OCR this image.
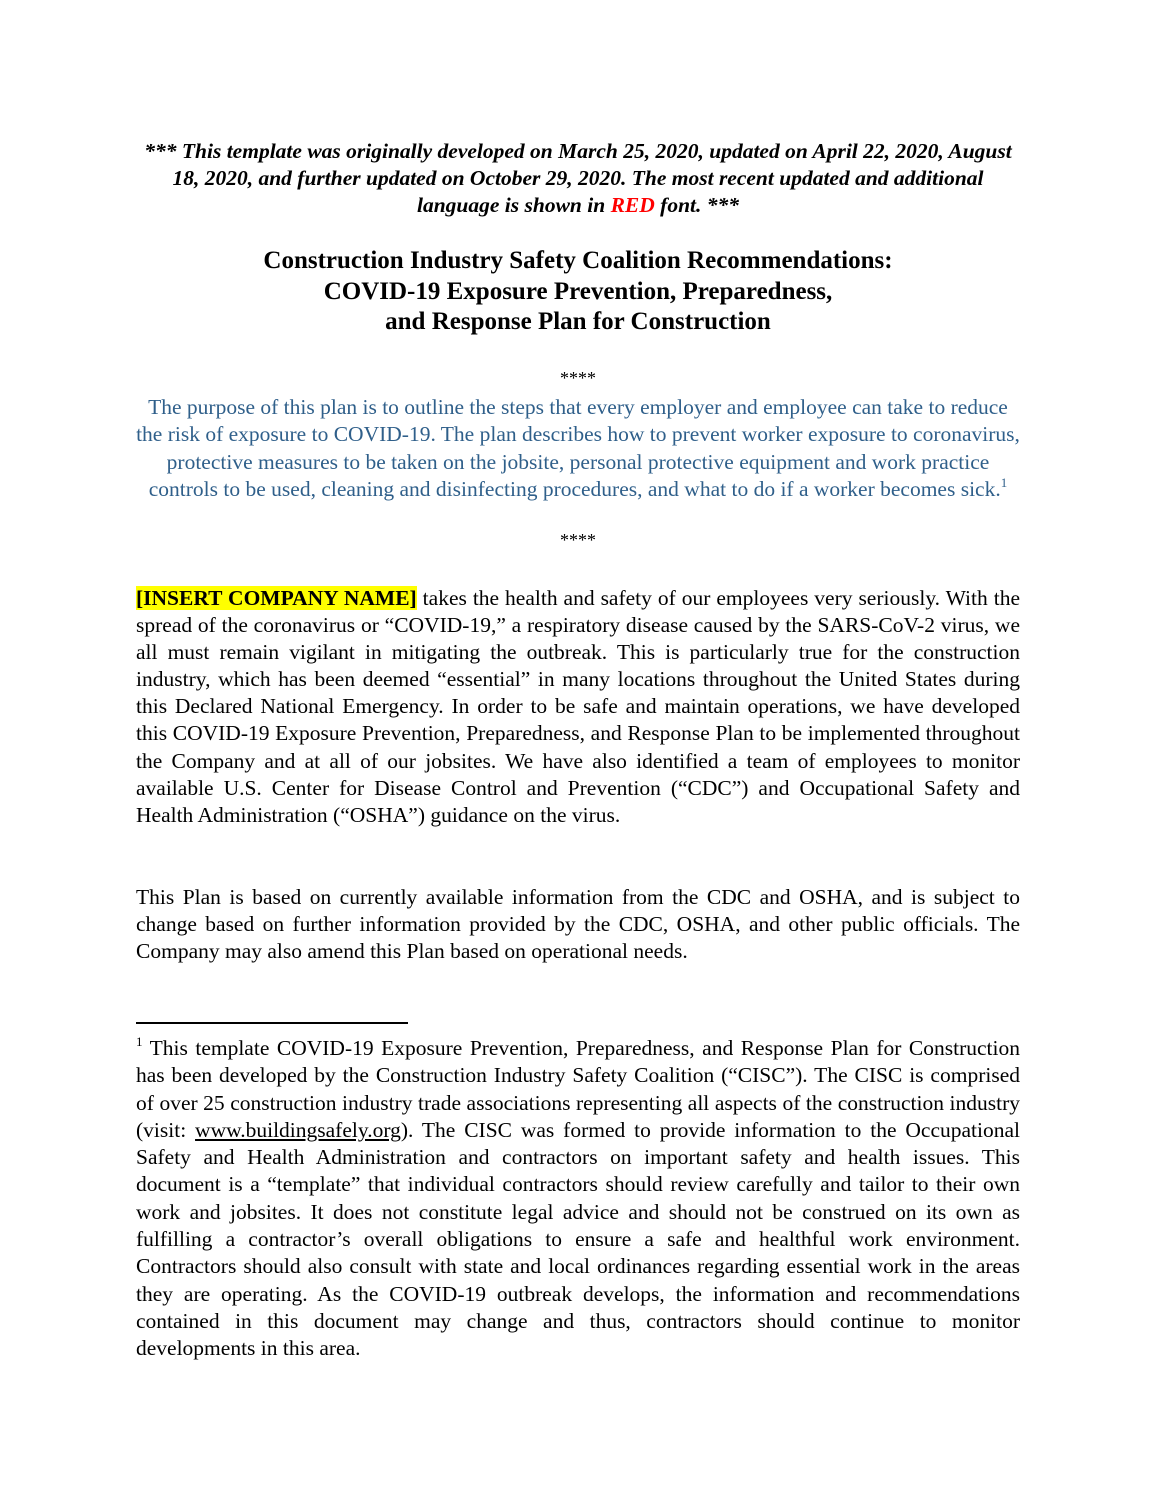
*** This template was originally developed on March 25, 2020, updated on April 22, 2020, August 18, 2020, and further updated on October 29, 2020. The most recent updated and additional language is shown in RED font. ***
Construction Industry Safety Coalition Recommendations:
COVID-19 Exposure Prevention, Preparedness,
and Response Plan for Construction
****
The purpose of this plan is to outline the steps that every employer and employee can take to reduce the risk of exposure to COVID-19. The plan describes how to prevent worker exposure to coronavirus, protective measures to be taken on the jobsite, personal protective equipment and work practice controls to be used, cleaning and disinfecting procedures, and what to do if a worker becomes sick.$^1$
****
[INSERT COMPANY NAME] takes the health and safety of our employees very seriously. With the spread of the coronavirus or “COVID-19,” a respiratory disease caused by the SARS-CoV-2 virus, we all must remain vigilant in mitigating the outbreak. This is particularly true for the construction industry, which has been deemed “essential” in many locations throughout the United States during this Declared National Emergency. In order to be safe and maintain operations, we have developed this COVID-19 Exposure Prevention, Preparedness, and Response Plan to be implemented throughout the Company and at all of our jobsites. We have also identified a team of employees to monitor available U.S. Center for Disease Control and Prevention (“CDC”) and Occupational Safety and Health Administration (“OSHA”) guidance on the virus.
This Plan is based on currently available information from the CDC and OSHA, and is subject to change based on further information provided by the CDC, OSHA, and other public officials. The Company may also amend this Plan based on operational needs.
$^1$ This template COVID-19 Exposure Prevention, Preparedness, and Response Plan for Construction has been developed by the Construction Industry Safety Coalition (“CISC”). The CISC is comprised of over 25 construction industry trade associations representing all aspects of the construction industry (visit: www.buildingsafely.org). The CISC was formed to provide information to the Occupational Safety and Health Administration and contractors on important safety and health issues. This document is a “template” that individual contractors should review carefully and tailor to their own work and jobsites. It does not constitute legal advice and should not be construed on its own as fulfilling a contractor’s overall obligations to ensure a safe and healthful work environment. Contractors should also consult with state and local ordinances regarding essential work in the areas they are operating. As the COVID-19 outbreak develops, the information and recommendations contained in this document may change and thus, contractors should continue to monitor developments in this area.
